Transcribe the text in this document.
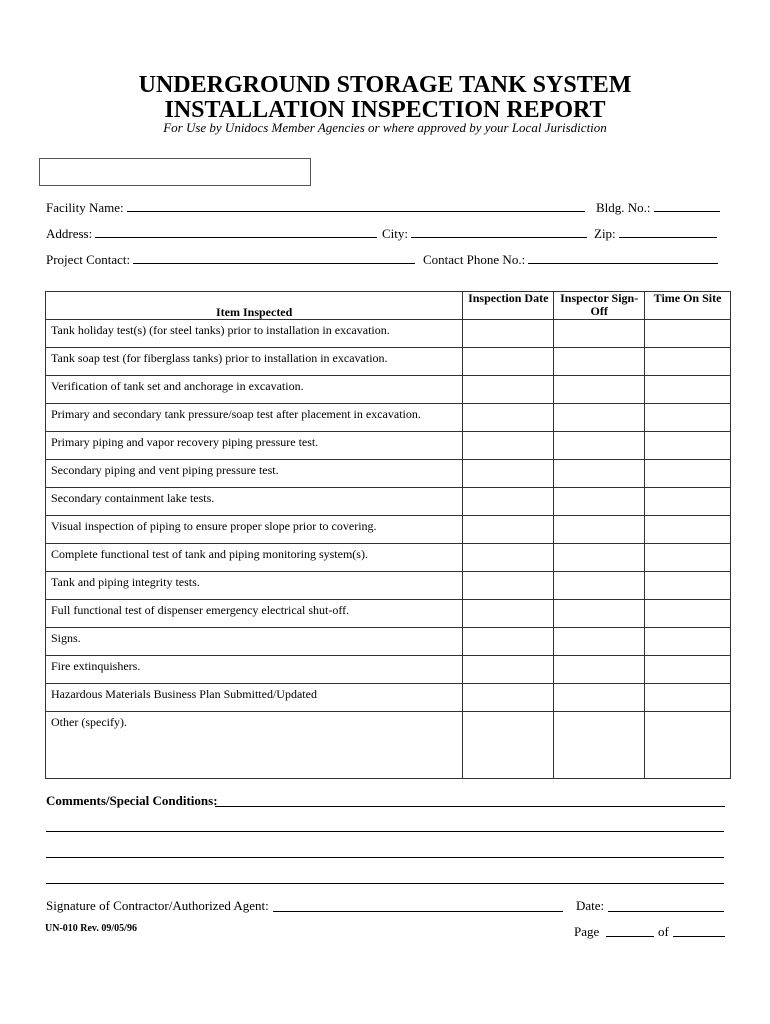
UNDERGROUND STORAGE TANK SYSTEM
INSTALLATION INSPECTION REPORT
For Use by Unidocs Member Agencies or where approved by your Local Jurisdiction
Facility Name:	Bldg. No.:
Address:	City:	Zip:
Project Contact:	Contact Phone No.:
Item Inspected	Inspection Date	Inspector Sign-Off	Time On Site
Tank holiday test(s) (for steel tanks) prior to installation in excavation.			
Tank soap test (for fiberglass tanks) prior to installation in excavation.			
Verification of tank set and anchorage in excavation.			
Primary and secondary tank pressure/soap test after placement in excavation.			
Primary piping and vapor recovery piping pressure test.			
Secondary piping and vent piping pressure test.			
Secondary containment lake tests.			
Visual inspection of piping to ensure proper slope prior to covering.			
Complete functional test of tank and piping monitoring system(s).			
Tank and piping integrity tests.			
Full functional test of dispenser emergency electrical shut-off.			
Signs.			
Fire extinquishers.			
Hazardous Materials Business Plan Submitted/Updated			
Other (specify).			
Comments/Special Conditions:
Signature of Contractor/Authorized Agent:	Date:
UN-010 Rev. 09/05/96	Page	of
